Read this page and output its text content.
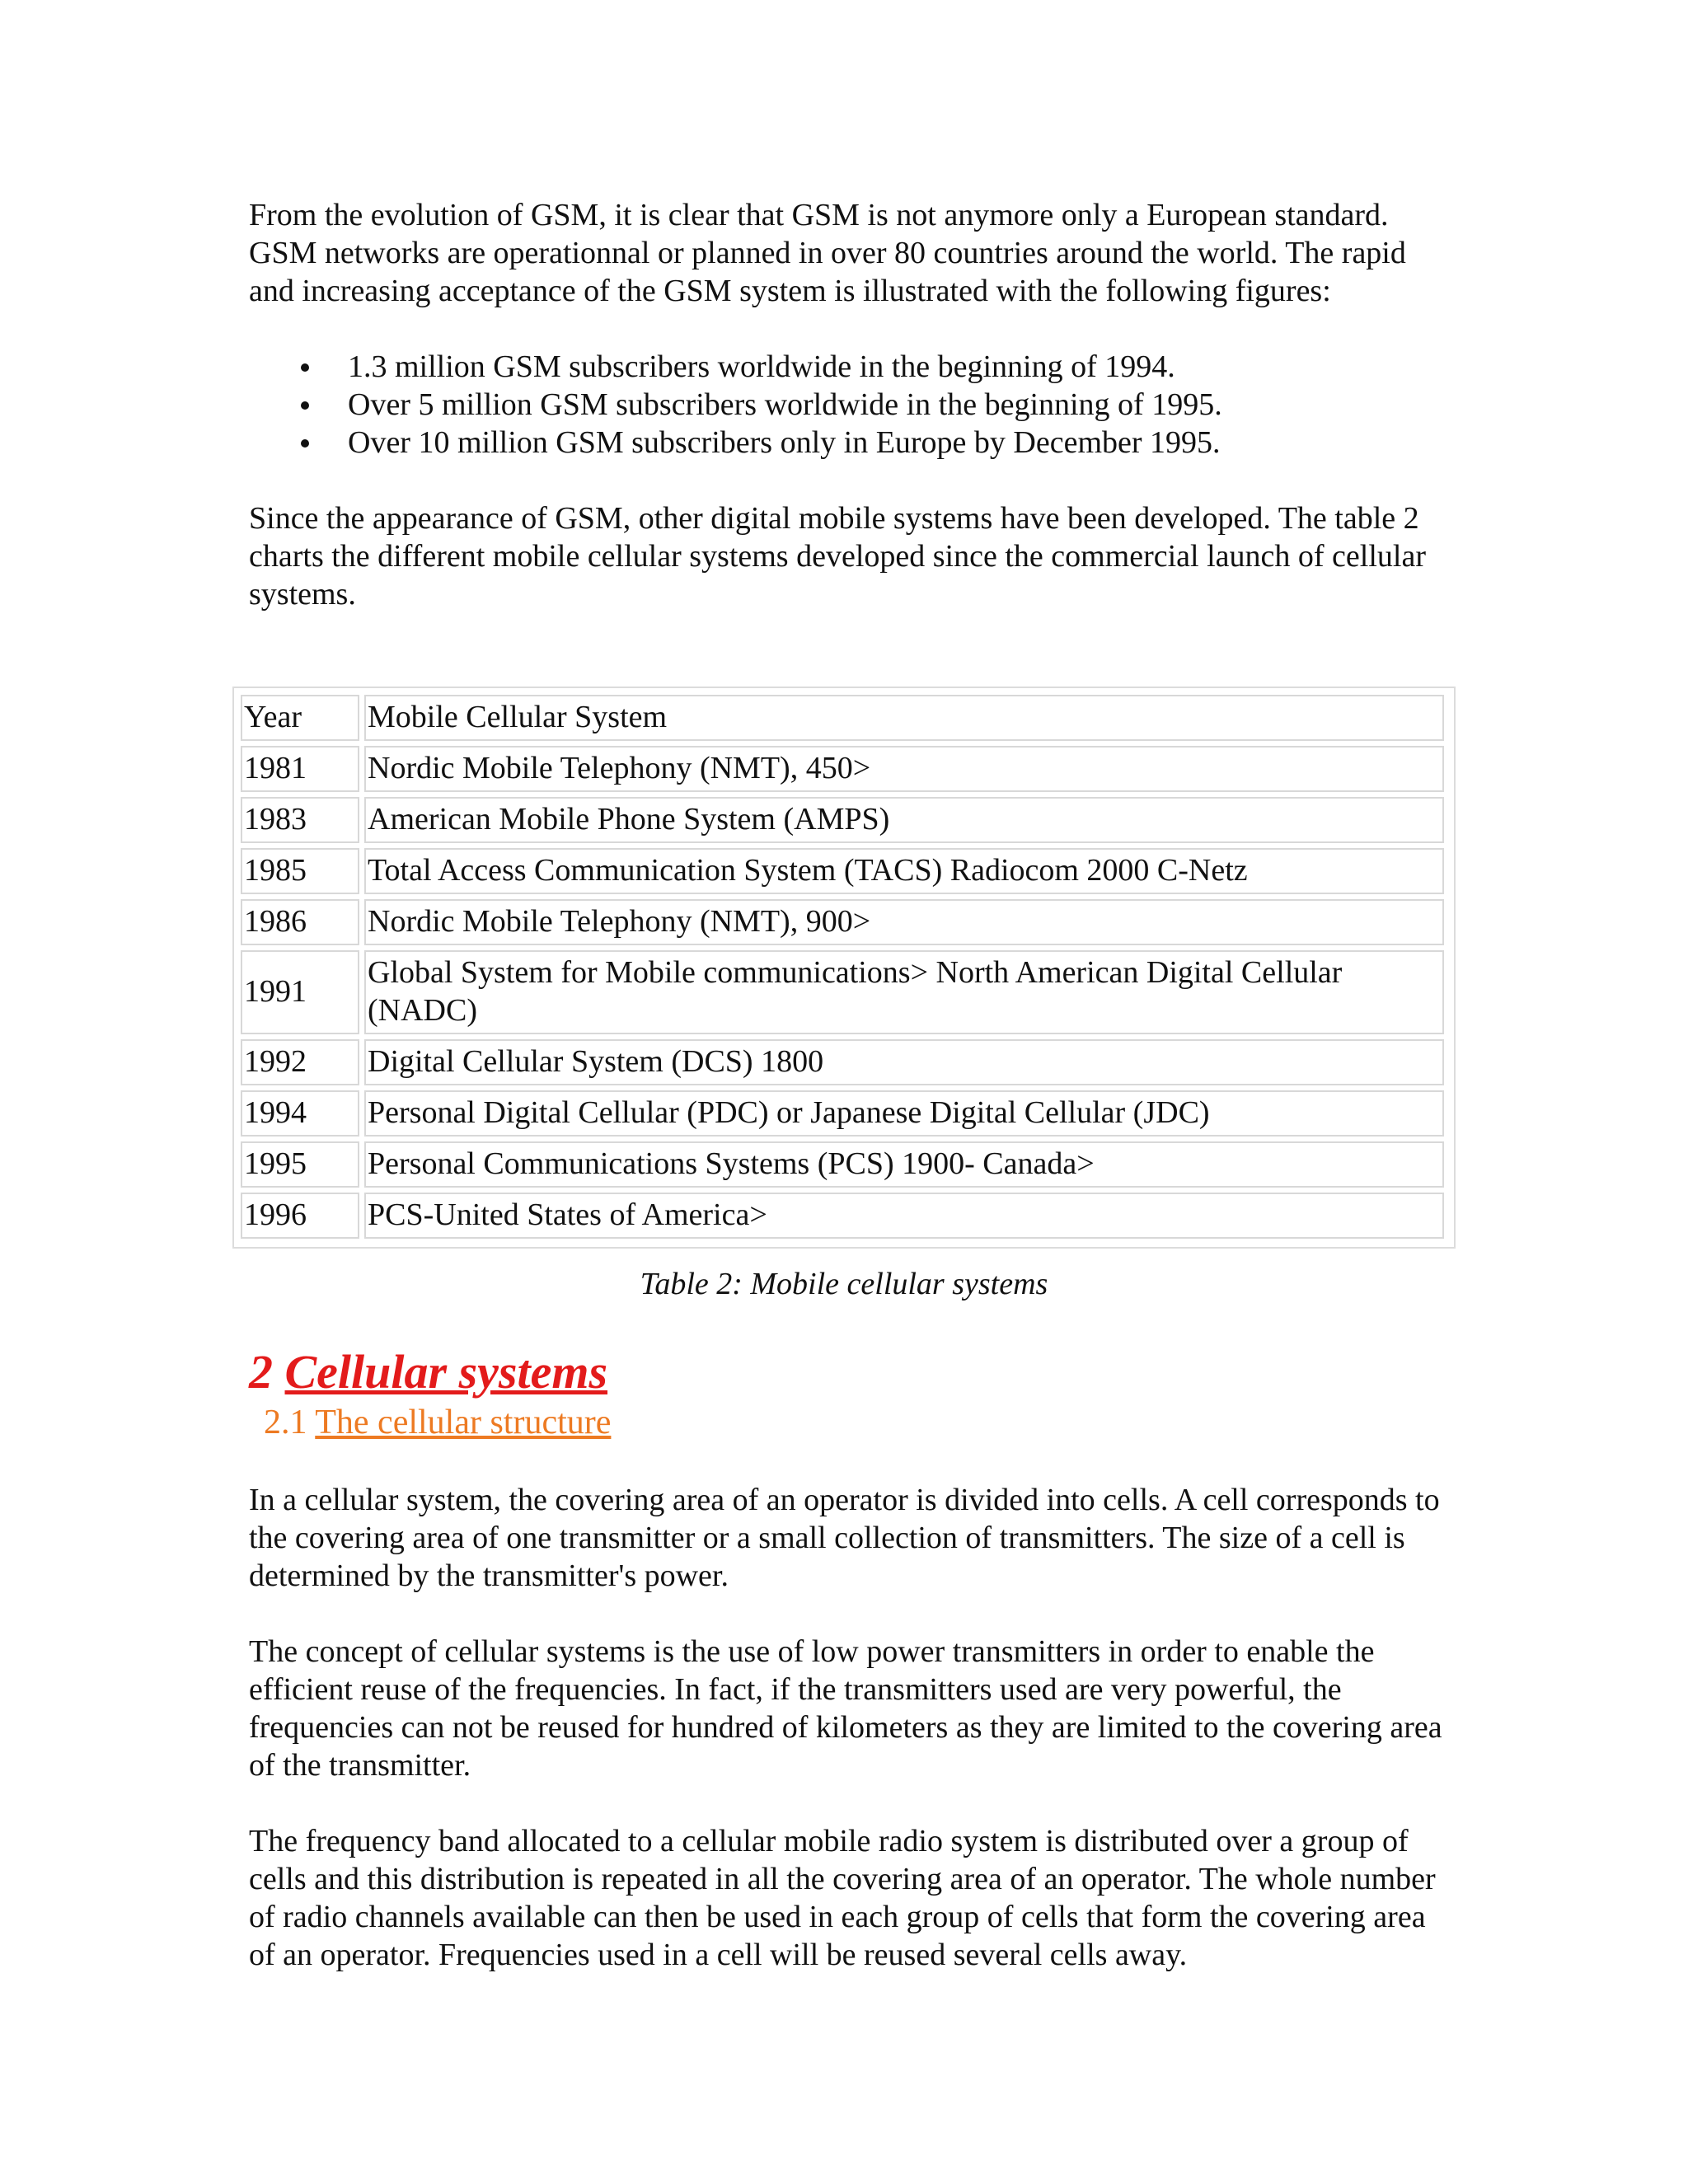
From the evolution of GSM, it is clear that GSM is not anymore only a European standard. GSM networks are operationnal or planned in over 80 countries around the world. The rapid and increasing acceptance of the GSM system is illustrated with the following figures:

1.3 million GSM subscribers worldwide in the beginning of 1994.
Over 5 million GSM subscribers worldwide in the beginning of 1995.
Over 10 million GSM subscribers only in Europe by December 1995.

Since the appearance of GSM, other digital mobile systems have been developed. The table 2 charts the different mobile cellular systems developed since the commercial launch of cellular systems.

Year	Mobile Cellular System
1981	Nordic Mobile Telephony (NMT), 450>
1983	American Mobile Phone System (AMPS)
1985	Total Access Communication System (TACS) Radiocom 2000 C-Netz
1986	Nordic Mobile Telephony (NMT), 900>
1991	Global System for Mobile communications> North American Digital Cellular (NADC)
1992	Digital Cellular System (DCS) 1800
1994	Personal Digital Cellular (PDC) or Japanese Digital Cellular (JDC)
1995	Personal Communications Systems (PCS) 1900- Canada>
1996	PCS-United States of America>
Table 2: Mobile cellular systems
2 Cellular systems
2.1 The cellular structure

In a cellular system, the covering area of an operator is divided into cells. A cell corresponds to the covering area of one transmitter or a small collection of transmitters. The size of a cell is determined by the transmitter's power.

The concept of cellular systems is the use of low power transmitters in order to enable the efficient reuse of the frequencies. In fact, if the transmitters used are very powerful, the frequencies can not be reused for hundred of kilometers as they are limited to the covering area of the transmitter.

The frequency band allocated to a cellular mobile radio system is distributed over a group of cells and this distribution is repeated in all the covering area of an operator. The whole number of radio channels available can then be used in each group of cells that form the covering area of an operator. Frequencies used in a cell will be reused several cells away.
